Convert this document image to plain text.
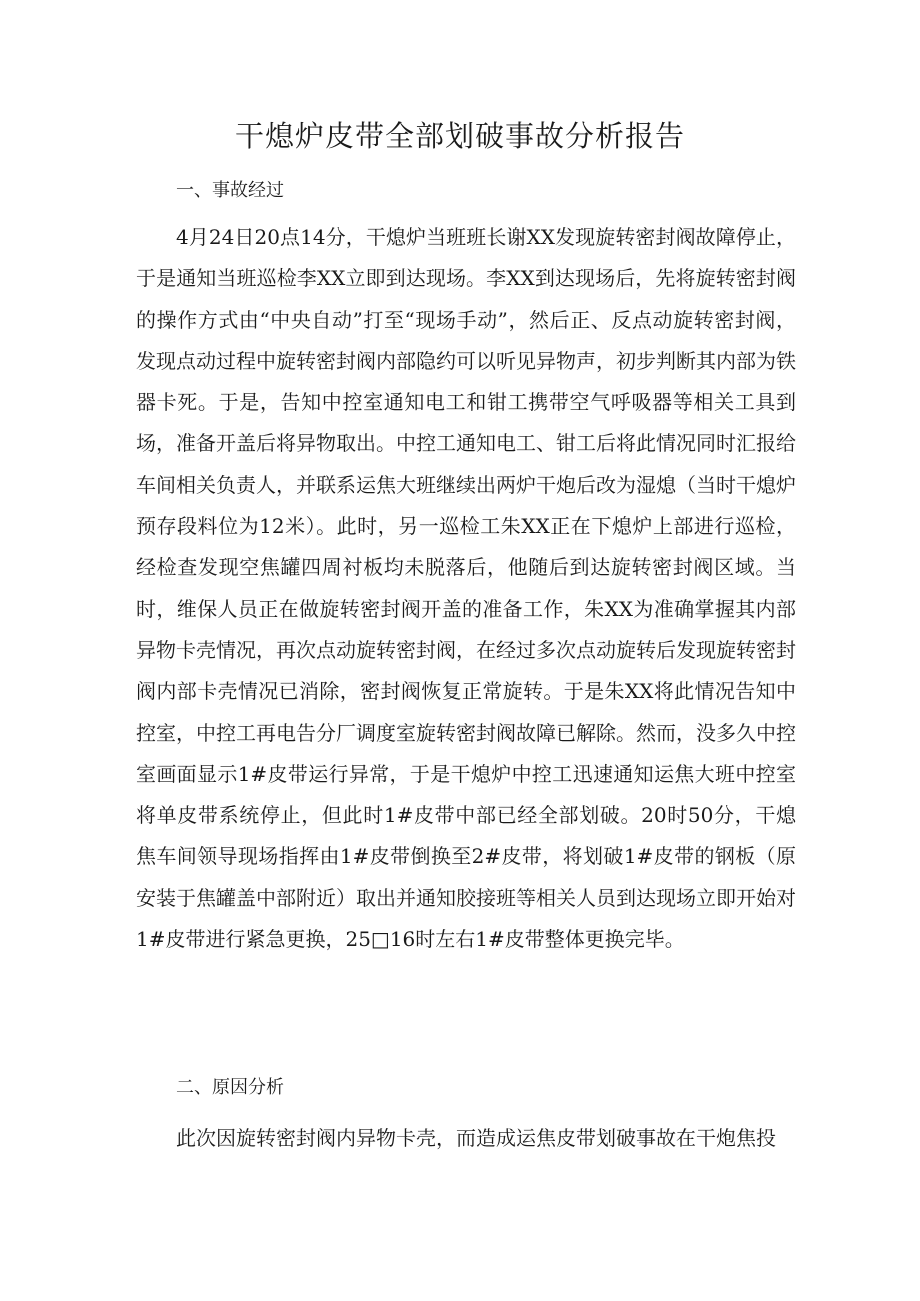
干熄炉皮带全部划破事故分析报告
一、事故经过

4月24日20点14分，干熄炉当班班长谢XX发现旋转密封阀故障停止，于是通知当班巡检李XX立即到达现场。李XX到达现场后，先将旋转密封阀的操作方式由“中央自动”打至“现场手动”，然后正、反点动旋转密封阀，发现点动过程中旋转密封阀内部隐约可以听见异物声，初步判断其内部为铁器卡死。于是，告知中控室通知电工和钳工携带空气呼吸器等相关工具到场，准备开盖后将异物取出。中控工通知电工、钳工后将此情况同时汇报给车间相关负责人，并联系运焦大班继续出两炉干炮后改为湿熄（当时干熄炉预存段料位为12米）。此时，另一巡检工朱XX正在下熄炉上部进行巡检，经检查发现空焦罐四周衬板均未脱落后，他随后到达旋转密封阀区域。当时，维保人员正在做旋转密封阀开盖的准备工作，朱XX为准确掌握其内部异物卡壳情况，再次点动旋转密封阀，在经过多次点动旋转后发现旋转密封阀内部卡壳情况已消除，密封阀恢复正常旋转。于是朱XX将此情况告知中控室，中控工再电告分厂调度室旋转密封阀故障已解除。然而，没多久中控室画面显示1#皮带运行异常，于是干熄炉中控工迅速通知运焦大班中控室将单皮带系统停止，但此时1#皮带中部已经全部划破。20时50分，干熄焦车间领导现场指挥由1#皮带倒换至2#皮带，将划破1#皮带的钢板（原安装于焦罐盖中部附近）取出并通知胶接班等相关人员到达现场立即开始对1#皮带进行紧急更换，25□16时左右1#皮带整体更换完毕。

二、原因分析

此次因旋转密封阀内异物卡壳，而造成运焦皮带划破事故在干炮焦投
